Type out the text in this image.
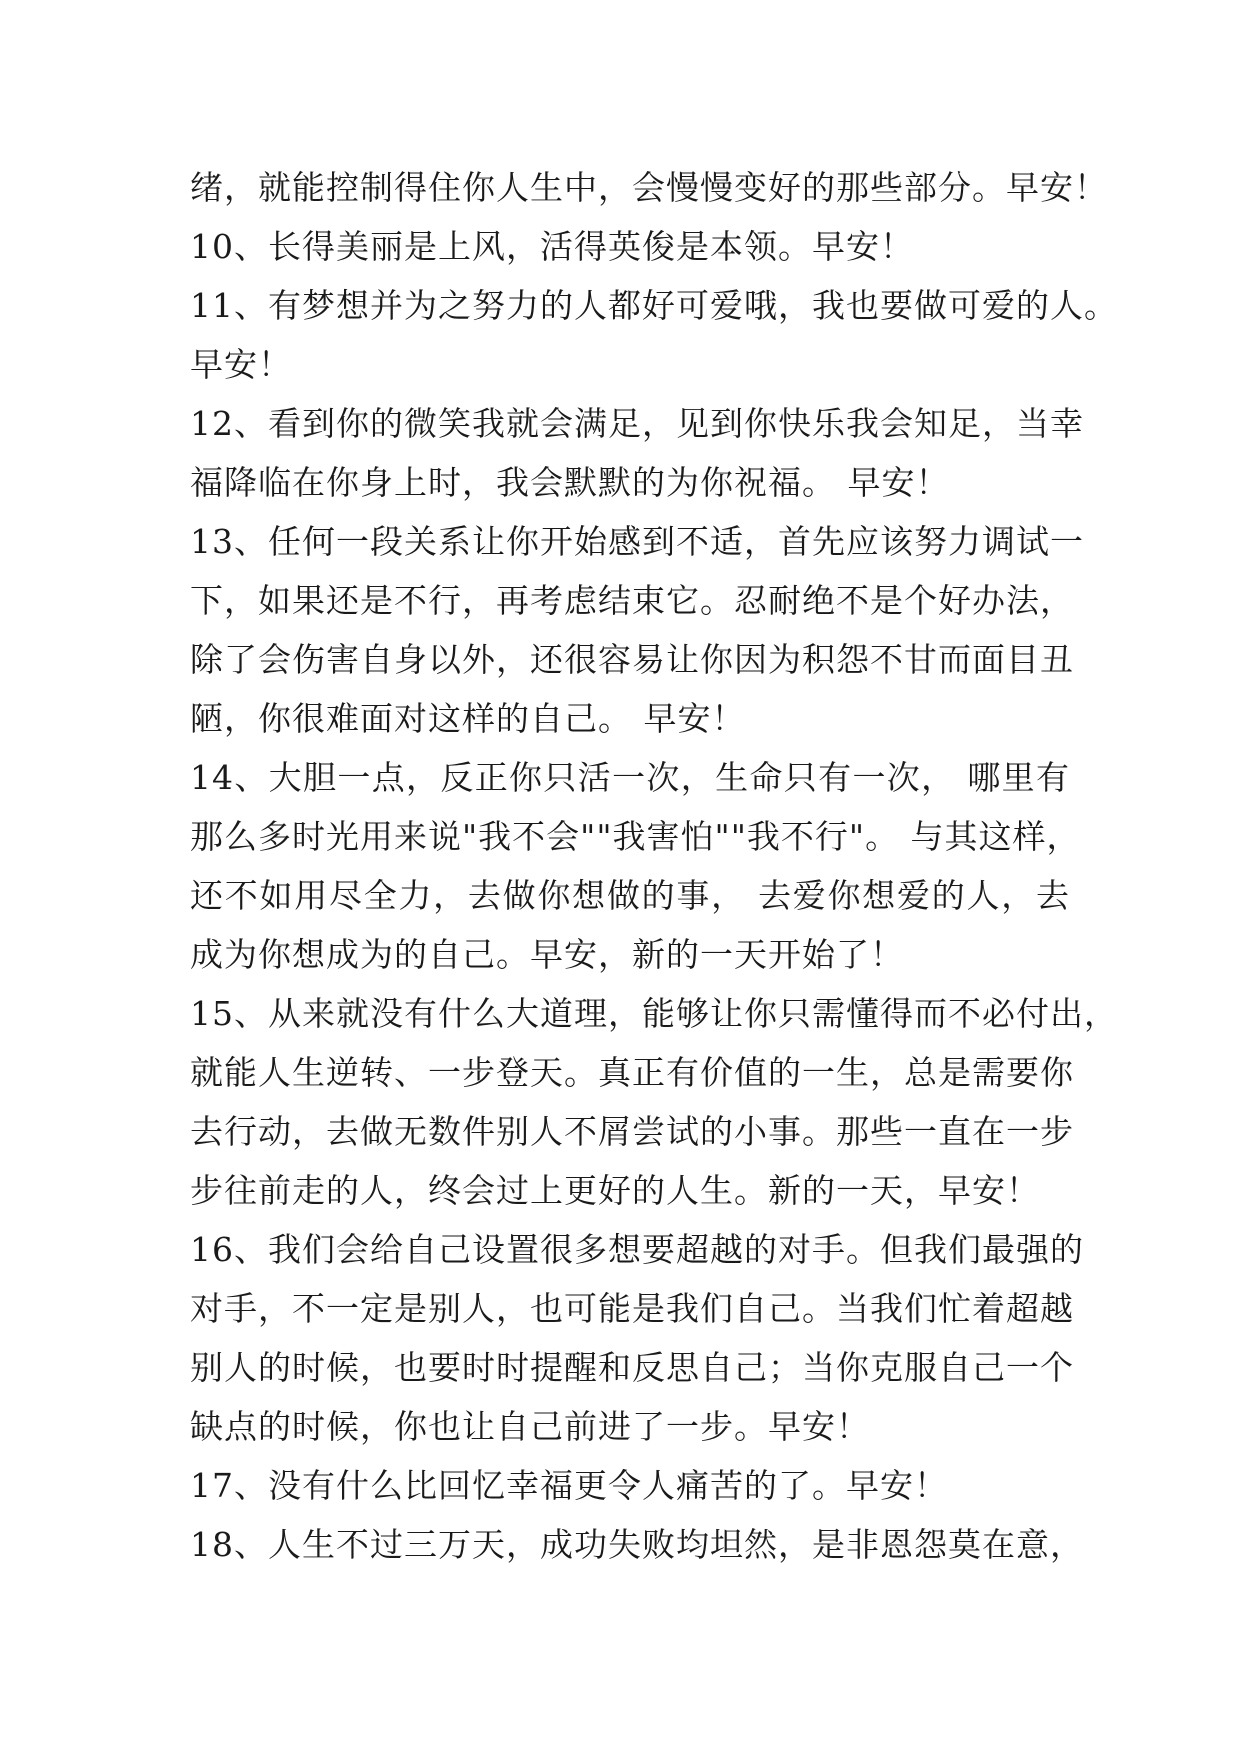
绪，就能控制得住你人生中，会慢慢变好的那些部分。早安！
10、长得美丽是上风，活得英俊是本领。早安！
11、有梦想并为之努力的人都好可爱哦，我也要做可爱的人。
早安！
12、看到你的微笑我就会满足，见到你快乐我会知足，当幸
福降临在你身上时，我会默默的为你祝福。 早安！
13、任何一段关系让你开始感到不适，首先应该努力调试一
下，如果还是不行，再考虑结束它。忍耐绝不是个好办法，
除了会伤害自身以外，还很容易让你因为积怨不甘而面目丑
陋，你很难面对这样的自己。 早安！
14、大胆一点，反正你只活一次，生命只有一次， 哪里有
那么多时光用来说"我不会""我害怕""我不行"。 与其这样，
还不如用尽全力，去做你想做的事， 去爱你想爱的人，去
成为你想成为的自己。早安，新的一天开始了！
15、从来就没有什么大道理，能够让你只需懂得而不必付出，
就能人生逆转、一步登天。真正有价值的一生，总是需要你
去行动，去做无数件别人不屑尝试的小事。那些一直在一步
步往前走的人，终会过上更好的人生。新的一天，早安！
16、我们会给自己设置很多想要超越的对手。但我们最强的
对手，不一定是别人，也可能是我们自己。当我们忙着超越
别人的时候，也要时时提醒和反思自己；当你克服自己一个
缺点的时候，你也让自己前进了一步。早安！
17、没有什么比回忆幸福更令人痛苦的了。早安！
18、人生不过三万天，成功失败均坦然，是非恩怨莫在意，
